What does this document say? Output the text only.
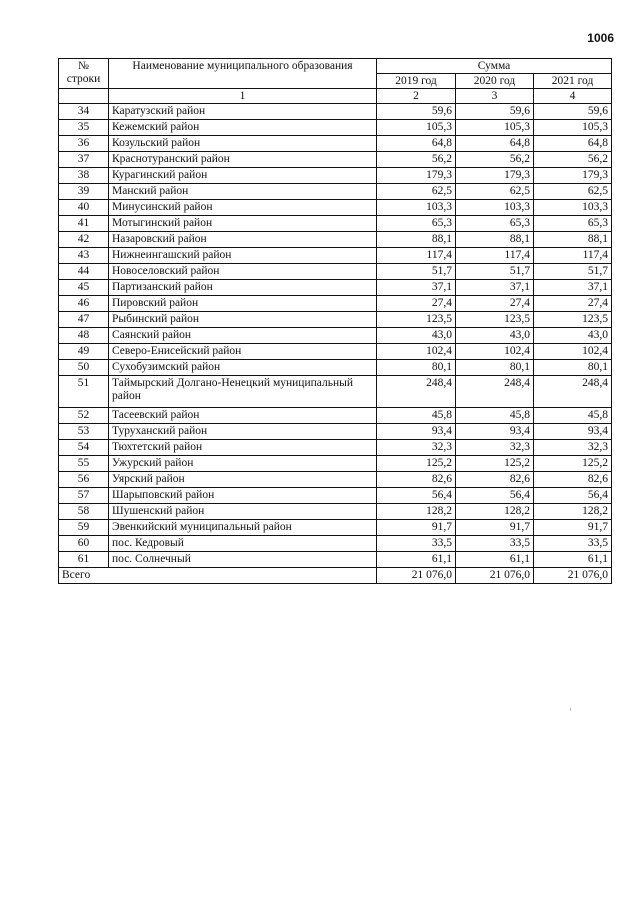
1006
№ строки	Наименование муниципального образования	Сумма		
		2019 год	2020 год	2021 год
	1	2	3	4
34	Каратузский район	59,6	59,6	59,6
35	Кежемский район	105,3	105,3	105,3
36	Козульский район	64,8	64,8	64,8
37	Краснотуранский район	56,2	56,2	56,2
38	Курагинский район	179,3	179,3	179,3
39	Манский район	62,5	62,5	62,5
40	Минусинский район	103,3	103,3	103,3
41	Мотыгинский район	65,3	65,3	65,3
42	Назаровский район	88,1	88,1	88,1
43	Нижнеингашский район	117,4	117,4	117,4
44	Новоселовский район	51,7	51,7	51,7
45	Партизанский район	37,1	37,1	37,1
46	Пировский район	27,4	27,4	27,4
47	Рыбинский район	123,5	123,5	123,5
48	Саянский район	43,0	43,0	43,0
49	Северо-Енисейский район	102,4	102,4	102,4
50	Сухобузимский район	80,1	80,1	80,1
51	Таймырский Долгано-Ненецкий муниципальный район	248,4	248,4	248,4
52	Тасеевский район	45,8	45,8	45,8
53	Туруханский район	93,4	93,4	93,4
54	Тюхтетский район	32,3	32,3	32,3
55	Ужурский район	125,2	125,2	125,2
56	Уярский район	82,6	82,6	82,6
57	Шарыповский район	56,4	56,4	56,4
58	Шушенский район	128,2	128,2	128,2
59	Эвенкийский муниципальный район	91,7	91,7	91,7
60	пос. Кедровый	33,5	33,5	33,5
61	пос. Солнечный	61,1	61,1	61,1
Всего		21 076,0	21 076,0	21 076,0
